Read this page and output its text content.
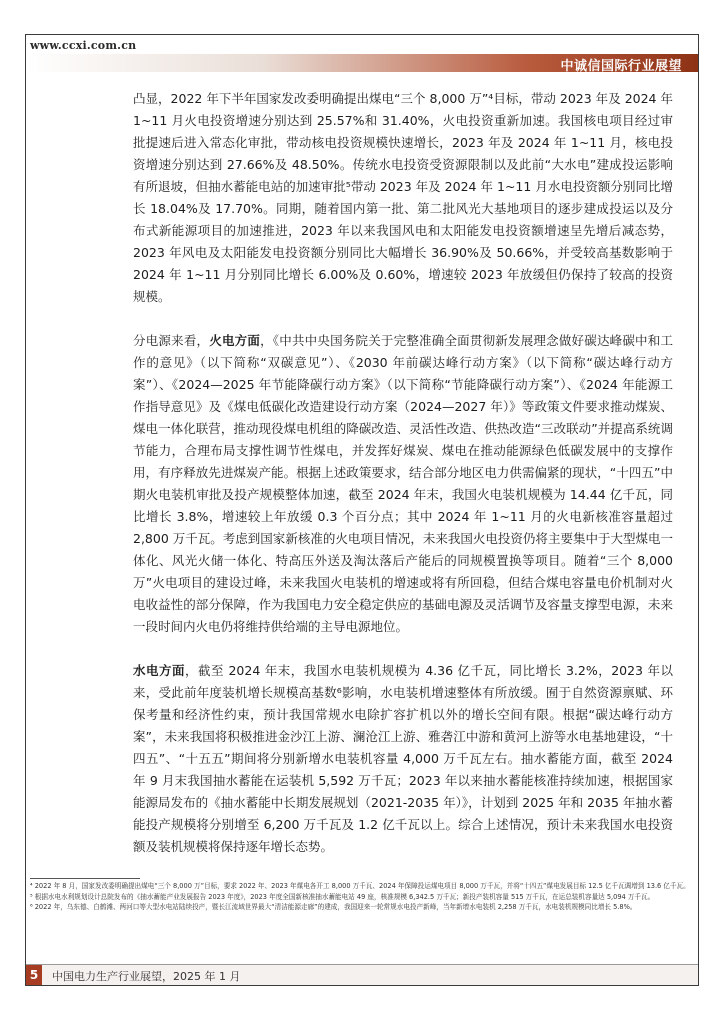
www.ccxi.com.cn
中诚信国际行业展望

凸显，2022 年下半年国家发改委明确提出煤电“三个 8,000 万”⁴目标，带动 2023 年及 2024 年 1~11 月火电投资增速分别达到 25.57%和 31.40%，火电投资重新加速。我国核电项目经过审批提速后进入常态化审批，带动核电投资规模快速增长，2023 年及 2024 年 1~11 月，核电投资增速分别达到 27.66%及 48.50%。传统水电投资受资源限制以及此前“大水电”建成投运影响有所退坡，但抽水蓄能电站的加速审批⁵带动 2023 年及 2024 年 1~11 月水电投资额分别同比增长 18.04%及 17.70%。同期，随着国内第一批、第二批风光大基地项目的逐步建成投运以及分布式新能源项目的加速推进，2023 年以来我国风电和太阳能发电投资额增速呈先增后减态势，2023 年风电及太阳能发电投资额分别同比大幅增长 36.90%及 50.66%，并受较高基数影响于 2024 年 1~11 月分别同比增长 6.00%及 0.60%，增速较 2023 年放缓但仍保持了较高的投资规模。

分电源来看，火电方面，《中共中央国务院关于完整准确全面贯彻新发展理念做好碳达峰碳中和工作的意见》（以下简称“双碳意见”）、《2030 年前碳达峰行动方案》（以下简称“碳达峰行动方案”）、《2024—2025 年节能降碳行动方案》（以下简称“节能降碳行动方案”）、《2024 年能源工作指导意见》及《煤电低碳化改造建设行动方案（2024—2027 年）》等政策文件要求推动煤炭、煤电一体化联营，推动现役煤电机组的降碳改造、灵活性改造、供热改造“三改联动”并提高系统调节能力，合理布局支撑性调节性煤电，并发挥好煤炭、煤电在推动能源绿色低碳发展中的支撑作用，有序释放先进煤炭产能。根据上述政策要求，结合部分地区电力供需偏紧的现状，“十四五”中期火电装机审批及投产规模整体加速，截至 2024 年末，我国火电装机规模为 14.44 亿千瓦，同比增长 3.8%，增速较上年放缓 0.3 个百分点；其中 2024 年 1~11 月的火电新核准容量超过 2,800 万千瓦。考虑到国家新核准的火电项目情况，未来我国火电投资仍将主要集中于大型煤电一体化、风光火储一体化、特高压外送及淘汰落后产能后的同规模置换等项目。随着“三个 8,000 万”火电项目的建设过峰，未来我国火电装机的增速或将有所回稳，但结合煤电容量电价机制对火电收益性的部分保障，作为我国电力安全稳定供应的基础电源及灵活调节及容量支撑型电源，未来一段时间内火电仍将维持供给端的主导电源地位。

水电方面，截至 2024 年末，我国水电装机规模为 4.36 亿千瓦，同比增长 3.2%，2023 年以来，受此前年度装机增长规模高基数⁶影响，水电装机增速整体有所放缓。囿于自然资源禀赋、环保考量和经济性约束，预计我国常规水电除扩容扩机以外的增长空间有限。根据“碳达峰行动方案”，未来我国将积极推进金沙江上游、澜沧江上游、雅砻江中游和黄河上游等水电基地建设，“十四五”、“十五五”期间将分别新增水电装机容量 4,000 万千瓦左右。抽水蓄能方面，截至 2024 年 9 月末我国抽水蓄能在运装机 5,592 万千瓦；2023 年以来抽水蓄能核准持续加速，根据国家能源局发布的《抽水蓄能中长期发展规划（2021-2035 年）》，计划到 2025 年和 2035 年抽水蓄能投产规模将分别增至 6,200 万千瓦及 1.2 亿千瓦以上。综合上述情况，预计未来我国水电投资额及装机规模将保持逐年增长态势。

⁴ 2022 年 8 月，国家发改委明确提出煤电“三个 8,000 万”目标，要求 2022 年、2023 年煤电各开工 8,000 万千瓦、2024 年保障投运煤电项目 8,000 万千瓦，并将“十四五”煤电发展目标 12.5 亿千瓦调增到 13.6 亿千瓦。

⁵ 根据水电水利规划设计总院发布的《抽水蓄能产业发展报告 2023 年度》，2023 年度全国新核准抽水蓄能电站 49 座，核准规模 6,342.5 万千瓦；新投产装机容量 515 万千瓦，在运总装机容量达 5,094 万千瓦。

⁶ 2022 年，乌东德、白鹤滩、两河口等大型水电站陆续投产，暨长江流域世界最大“清洁能源走廊”的建成，我国迎来一轮常规水电投产新峰，当年新增水电装机 2,258 万千瓦，水电装机规模同比增长 5.8%。

5	中国电力生产行业展望，2025 年 1 月
